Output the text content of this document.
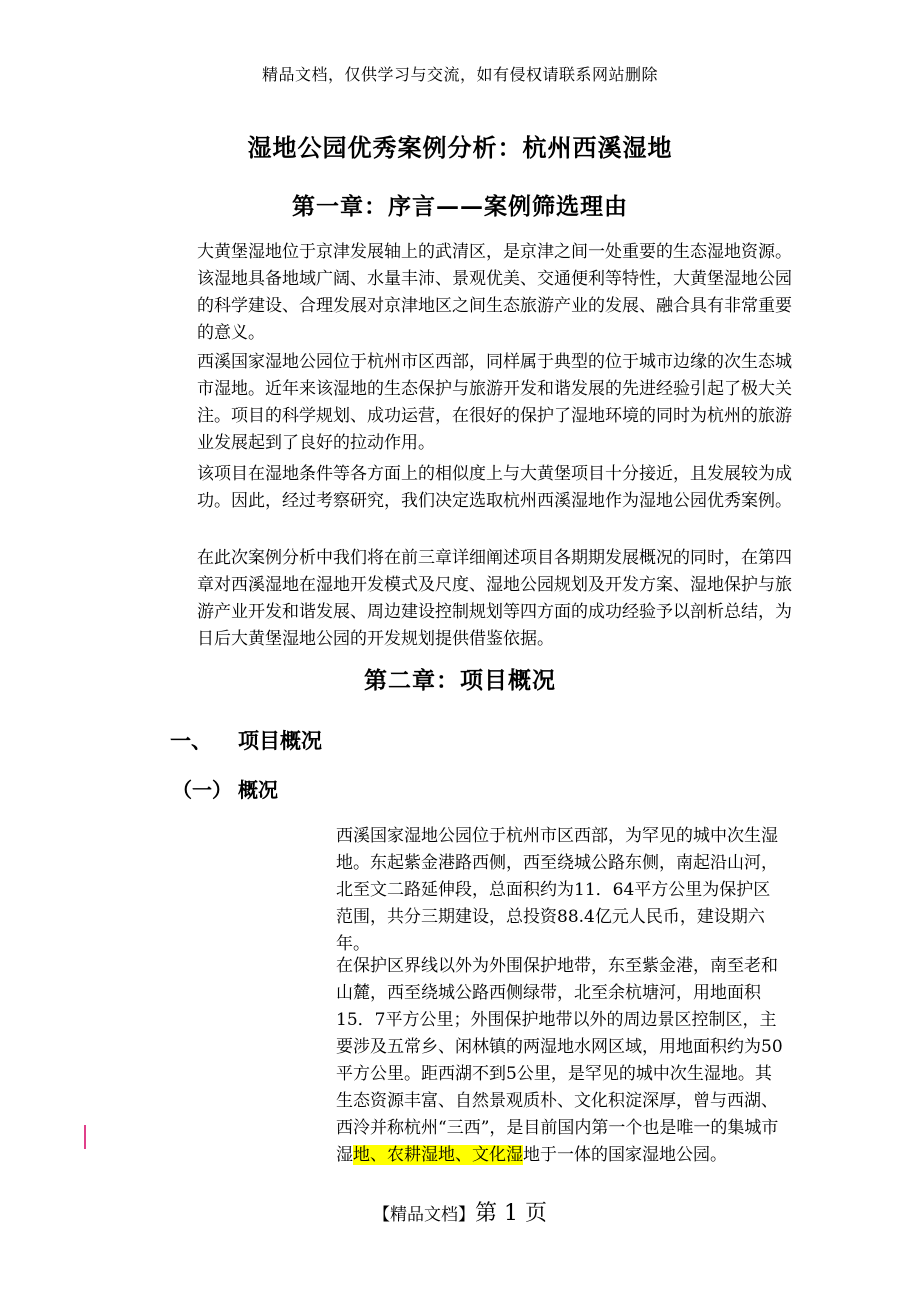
精品文档，仅供学习与交流，如有侵权请联系网站删除
湿地公园优秀案例分析：杭州西溪湿地
第一章：序言——案例筛选理由

大黄堡湿地位于京津发展轴上的武清区，是京津之间一处重要的生态湿地资源。该湿地具备地域广阔、水量丰沛、景观优美、交通便利等特性，大黄堡湿地公园的科学建设、合理发展对京津地区之间生态旅游产业的发展、融合具有非常重要的意义。

西溪国家湿地公园位于杭州市区西部，同样属于典型的位于城市边缘的次生态城市湿地。近年来该湿地的生态保护与旅游开发和谐发展的先进经验引起了极大关注。项目的科学规划、成功运营，在很好的保护了湿地环境的同时为杭州的旅游业发展起到了良好的拉动作用。

该项目在湿地条件等各方面上的相似度上与大黄堡项目十分接近，且发展较为成功。因此，经过考察研究，我们决定选取杭州西溪湿地作为湿地公园优秀案例。

在此次案例分析中我们将在前三章详细阐述项目各期期发展概况的同时，在第四章对西溪湿地在湿地开发模式及尺度、湿地公园规划及开发方案、湿地保护与旅游产业开发和谐发展、周边建设控制规划等四方面的成功经验予以剖析总结，为日后大黄堡湿地公园的开发规划提供借鉴依据。

第二章：项目概况
一、 项目概况
（一） 概况

西溪国家湿地公园位于杭州市区西部，为罕见的城中次生湿地。东起紫金港路西侧，西至绕城公路东侧，南起沿山河，北至文二路延伸段，总面积约为11．64平方公里为保护区范围，共分三期建设，总投资88.4亿元人民币，建设期六年。

在保护区界线以外为外围保护地带，东至紫金港，南至老和山麓，西至绕城公路西侧绿带，北至余杭塘河，用地面积15．7平方公里；外围保护地带以外的周边景区控制区，主要涉及五常乡、闲林镇的两湿地水网区域，用地面积约为50平方公里。距西湖不到5公里，是罕见的城中次生湿地。其生态资源丰富、自然景观质朴、文化积淀深厚，曾与西湖、西泠并称杭州“三西”，是目前国内第一个也是唯一的集城市湿地、农耕湿地、文化湿地于一体的国家湿地公园。

【精品文档】第 1 页
